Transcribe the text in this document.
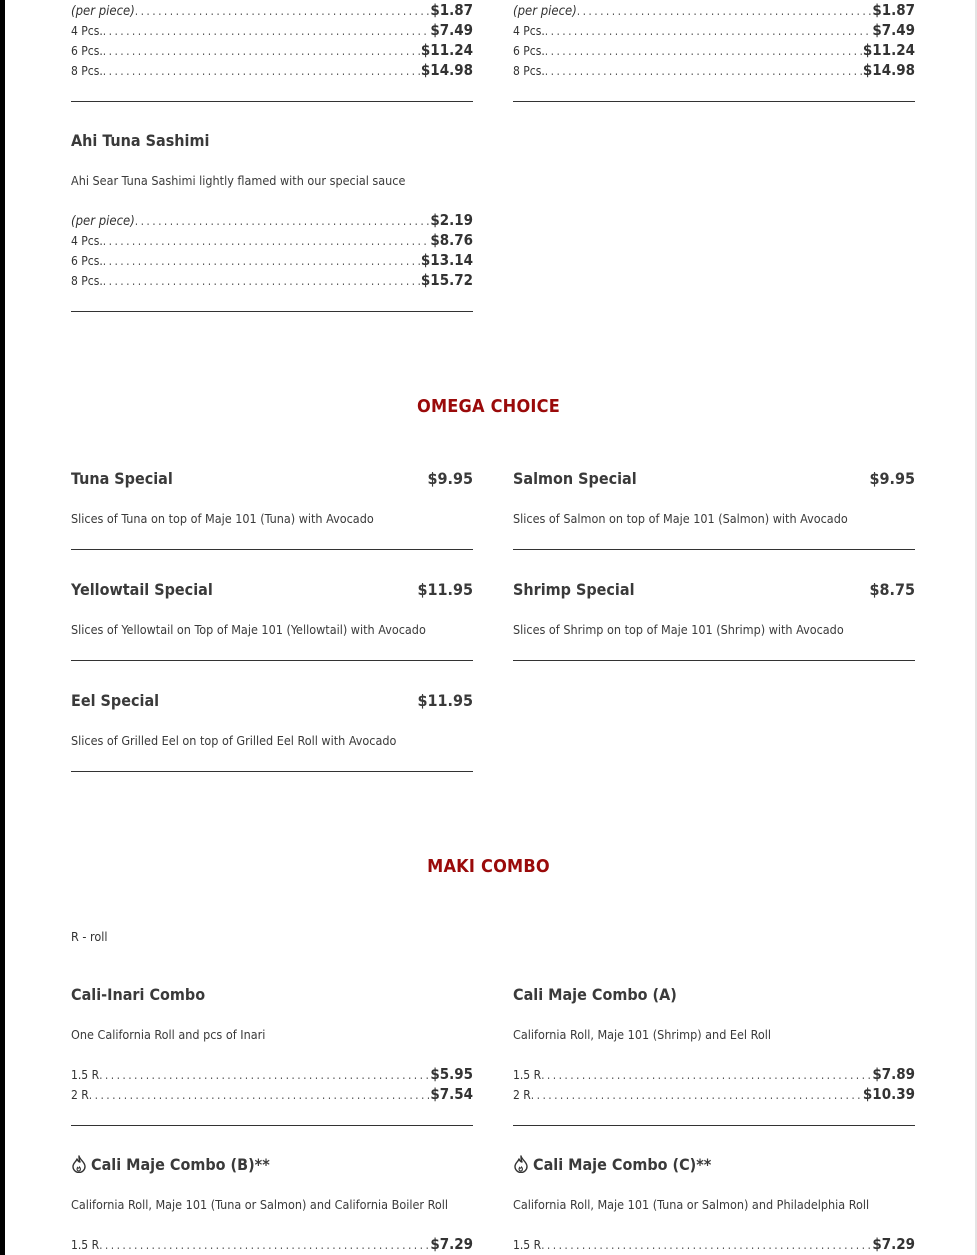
(per piece) .....	$1.87
4 Pcs. .....	$7.49
6 Pcs. .....	$11.24
8 Pcs. .....	$14.98
(per piece) .....	$1.87
4 Pcs. .....	$7.49
6 Pcs. .....	$11.24
8 Pcs. .....	$14.98
Ahi Tuna Sashimi
Ahi Sear Tuna Sashimi lightly flamed with our special sauce
(per piece) .....	$2.19
4 Pcs. .....	$8.76
6 Pcs. .....	$13.14
8 Pcs. .....	$15.72
OMEGA CHOICE
Tuna Special	$9.95
Slices of Tuna on top of Maje 101 (Tuna) with Avocado
Salmon Special	$9.95
Slices of Salmon on top of Maje 101 (Salmon) with Avocado
Yellowtail Special	$11.95
Slices of Yellowtail on Top of Maje 101 (Yellowtail) with Avocado
Shrimp Special	$8.75
Slices of Shrimp on top of Maje 101 (Shrimp) with Avocado
Eel Special	$11.95
Slices of Grilled Eel on top of Grilled Eel Roll with Avocado
MAKI COMBO
R - roll
Cali-Inari Combo
One California Roll and pcs of Inari
1.5 R .....	$5.95
2 R .....	$7.54
Cali Maje Combo (A)
California Roll, Maje 101 (Shrimp) and Eel Roll
1.5 R .....	$7.89
2 R .....	$10.39
Cali Maje Combo (B)**
California Roll, Maje 101 (Tuna or Salmon) and California Boiler Roll
1.5 R .....	$7.29
Cali Maje Combo (C)**
California Roll, Maje 101 (Tuna or Salmon) and Philadelphia Roll
1.5 R .....	$7.29
